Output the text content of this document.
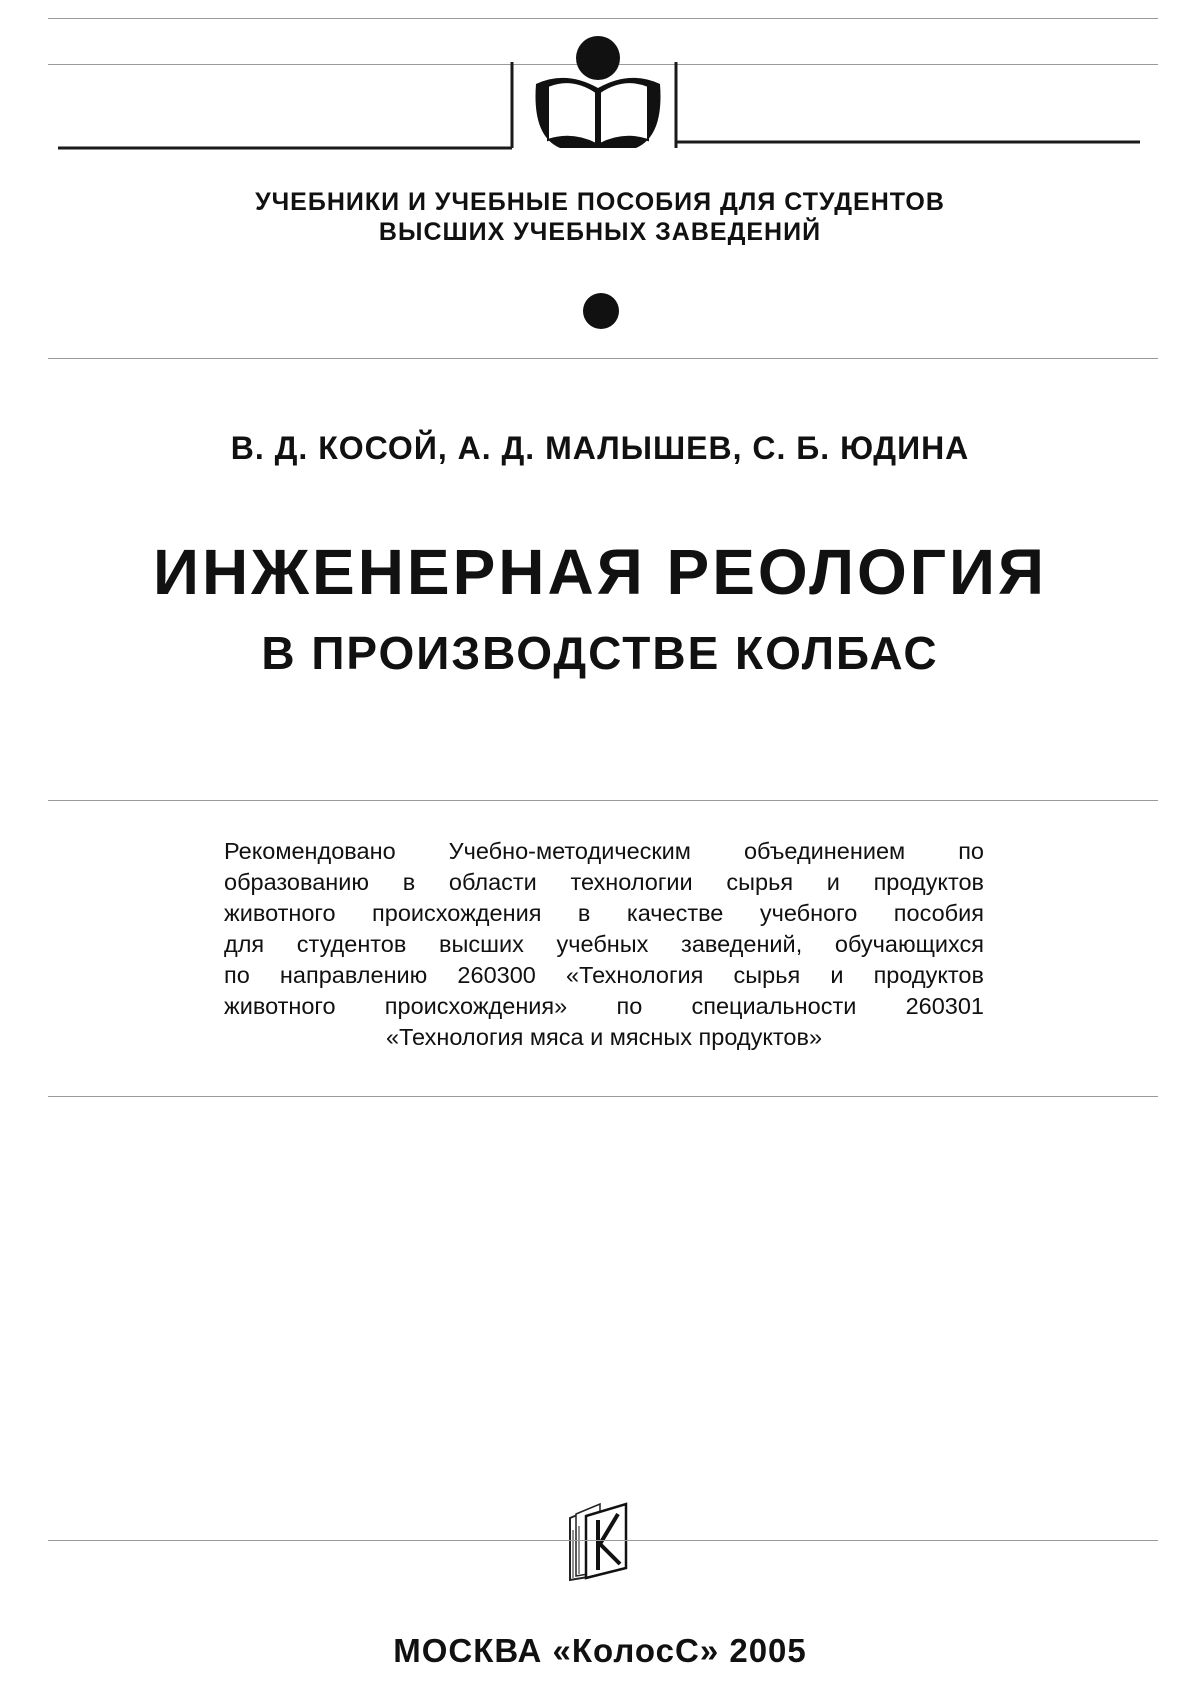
УЧЕБНИКИ И УЧЕБНЫЕ ПОСОБИЯ ДЛЯ СТУДЕНТОВ
ВЫСШИХ УЧЕБНЫХ ЗАВЕДЕНИЙ
В. Д. КОСОЙ, А. Д. МАЛЫШЕВ, С. Б. ЮДИНА
ИНЖЕНЕРНАЯ РЕОЛОГИЯ
В ПРОИЗВОДСТВЕ КОЛБАС
Рекомендовано Учебно-методическим объединением по
образованию в области технологии сырья и продуктов
животного происхождения в качестве учебного пособия
для студентов высших учебных заведений, обучающихся
по направлению 260300 «Технология сырья и продуктов
животного происхождения» по специальности 260301
«Технология мяса и мясных продуктов»
МОСКВА «КолосС» 2005
